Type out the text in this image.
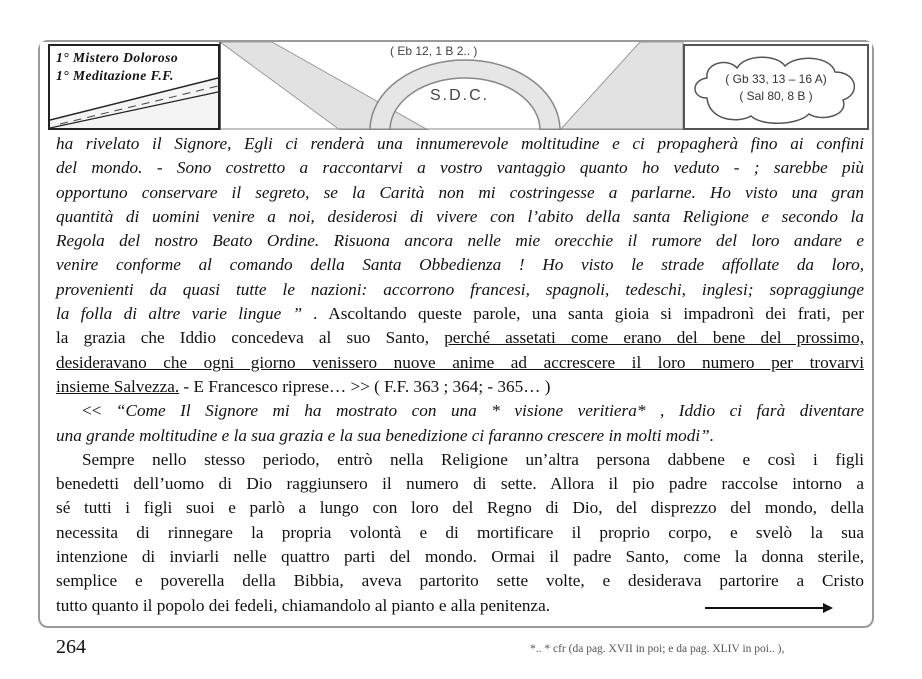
1° Mistero Doloroso
1° Meditazione F.F.
( Eb 12, 1 B 2.. )
S.D.C.
( Gb 33, 13 – 16 A)
( Sal 80, 8 B )
ha rivelato il Signore, Egli ci renderà una innumerevole moltitudine e ci propagherà fino ai confini
del mondo. - Sono costretto a raccontarvi a vostro vantaggio quanto ho veduto - ; sarebbe più
opportuno conservare il segreto, se la Carità non mi costringesse a parlarne. Ho visto una gran
quantità di uomini venire a noi, desiderosi di vivere con l’abito della santa Religione e secondo la
Regola del nostro Beato Ordine. Risuona ancora nelle mie orecchie il rumore del loro andare e
venire conforme al comando della Santa Obbedienza ! Ho visto le strade affollate da loro,
provenienti da quasi tutte le nazioni: accorrono francesi, spagnoli, tedeschi, inglesi; sopraggiunge
la folla di altre varie lingue ” . Ascoltando queste parole, una santa gioia si impadronì dei frati, per
la grazia che Iddio concedeva al suo Santo, perché assetati come erano del bene del prossimo,
desideravano che ogni giorno venissero nuove anime ad accrescere il loro numero per trovarvi
insieme Salvezza. - E Francesco riprese… >> ( F.F. 363 ; 364; - 365… )
<< “Come Il Signore mi ha mostrato con una * visione veritiera* , Iddio ci farà diventare
una grande moltitudine e la sua grazia e la sua benedizione ci faranno crescere in molti modi”.
Sempre nello stesso periodo, entrò nella Religione un’altra persona dabbene e così i figli
benedetti dell’uomo di Dio raggiunsero il numero di sette. Allora il pio padre raccolse intorno a
sé tutti i figli suoi e parlò a lungo con loro del Regno di Dio, del disprezzo del mondo, della
necessita di rinnegare la propria volontà e di mortificare il proprio corpo, e svelò la sua
intenzione di inviarli nelle quattro parti del mondo. Ormai il padre Santo, come la donna sterile,
semplice e poverella della Bibbia, aveva partorito sette volte, e desiderava partorire a Cristo
tutto quanto il popolo dei fedeli, chiamandolo al pianto e alla penitenza.
264	*.. * cfr (da pag. XVII in poi; e da pag. XLIV in poi.. ),
